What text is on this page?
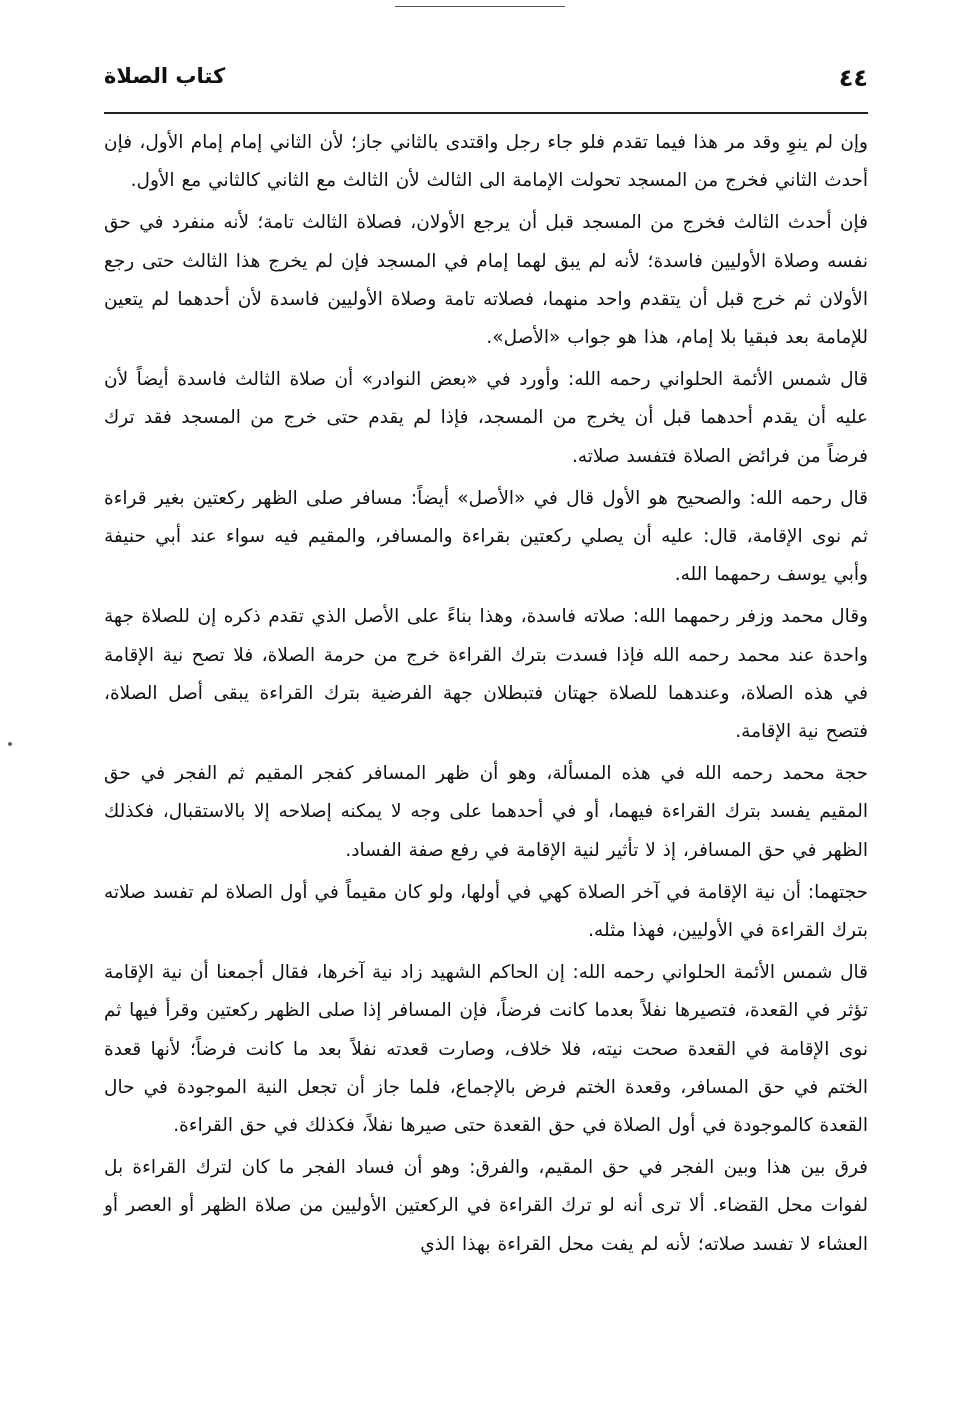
٤٤
كتاب الصلاة

وإن لم ينوِ وقد مر هذا فيما تقدم فلو جاء رجل واقتدى بالثاني جاز؛ لأن الثاني إمام إمام الأول، فإن أحدث الثاني فخرج من المسجد تحولت الإمامة الى الثالث لأن الثالث مع الثاني كالثاني مع الأول.

فإن أحدث الثالث فخرج من المسجد قبل أن يرجع الأولان، فصلاة الثالث تامة؛ لأنه منفرد في حق نفسه وصلاة الأوليين فاسدة؛ لأنه لم يبق لهما إمام في المسجد فإن لم يخرج هذا الثالث حتى رجع الأولان ثم خرج قبل أن يتقدم واحد منهما، فصلاته تامة وصلاة الأوليين فاسدة لأن أحدهما لم يتعين للإمامة بعد فبقيا بلا إمام، هذا هو جواب «الأصل».

قال شمس الأئمة الحلواني رحمه الله: وأورد في «بعض النوادر» أن صلاة الثالث فاسدة أيضاً لأن عليه أن يقدم أحدهما قبل أن يخرج من المسجد، فإذا لم يقدم حتى خرج من المسجد فقد ترك فرضاً من فرائض الصلاة فتفسد صلاته.

قال رحمه الله: والصحيح هو الأول قال في «الأصل» أيضاً: مسافر صلى الظهر ركعتين بغير قراءة ثم نوى الإقامة، قال: عليه أن يصلي ركعتين بقراءة والمسافر، والمقيم فيه سواء عند أبي حنيفة وأبي يوسف رحمهما الله.

وقال محمد وزفر رحمهما الله: صلاته فاسدة، وهذا بناءً على الأصل الذي تقدم ذكره إن للصلاة جهة واحدة عند محمد رحمه الله فإذا فسدت بترك القراءة خرج من حرمة الصلاة، فلا تصح نية الإقامة في هذه الصلاة، وعندهما للصلاة جهتان فتبطلان جهة الفرضية بترك القراءة يبقى أصل الصلاة، فتصح نية الإقامة.

حجة محمد رحمه الله في هذه المسألة، وهو أن ظهر المسافر كفجر المقيم ثم الفجر في حق المقيم يفسد بترك القراءة فيهما، أو في أحدهما على وجه لا يمكنه إصلاحه إلا بالاستقبال، فكذلك الظهر في حق المسافر، إذ لا تأثير لنية الإقامة في رفع صفة الفساد.

حجتهما: أن نية الإقامة في آخر الصلاة كهي في أولها، ولو كان مقيماً في أول الصلاة لم تفسد صلاته بترك القراءة في الأوليين، فهذا مثله.

قال شمس الأئمة الحلواني رحمه الله: إن الحاكم الشهيد زاد نية آخرها، فقال أجمعنا أن نية الإقامة تؤثر في القعدة، فتصيرها نفلاً بعدما كانت فرضاً، فإن المسافر إذا صلى الظهر ركعتين وقرأ فيها ثم نوى الإقامة في القعدة صحت نيته، فلا خلاف، وصارت قعدته نفلاً بعد ما كانت فرضاً؛ لأنها قعدة الختم في حق المسافر، وقعدة الختم فرض بالإجماع، فلما جاز أن تجعل النية الموجودة في حال القعدة كالموجودة في أول الصلاة في حق القعدة حتى صيرها نفلاً، فكذلك في حق القراءة.

فرق بين هذا وبين الفجر في حق المقيم، والفرق: وهو أن فساد الفجر ما كان لترك القراءة بل لفوات محل القضاء. ألا ترى أنه لو ترك القراءة في الركعتين الأوليين من صلاة الظهر أو العصر أو العشاء لا تفسد صلاته؛ لأنه لم يفت محل القراءة بهذا الذي
